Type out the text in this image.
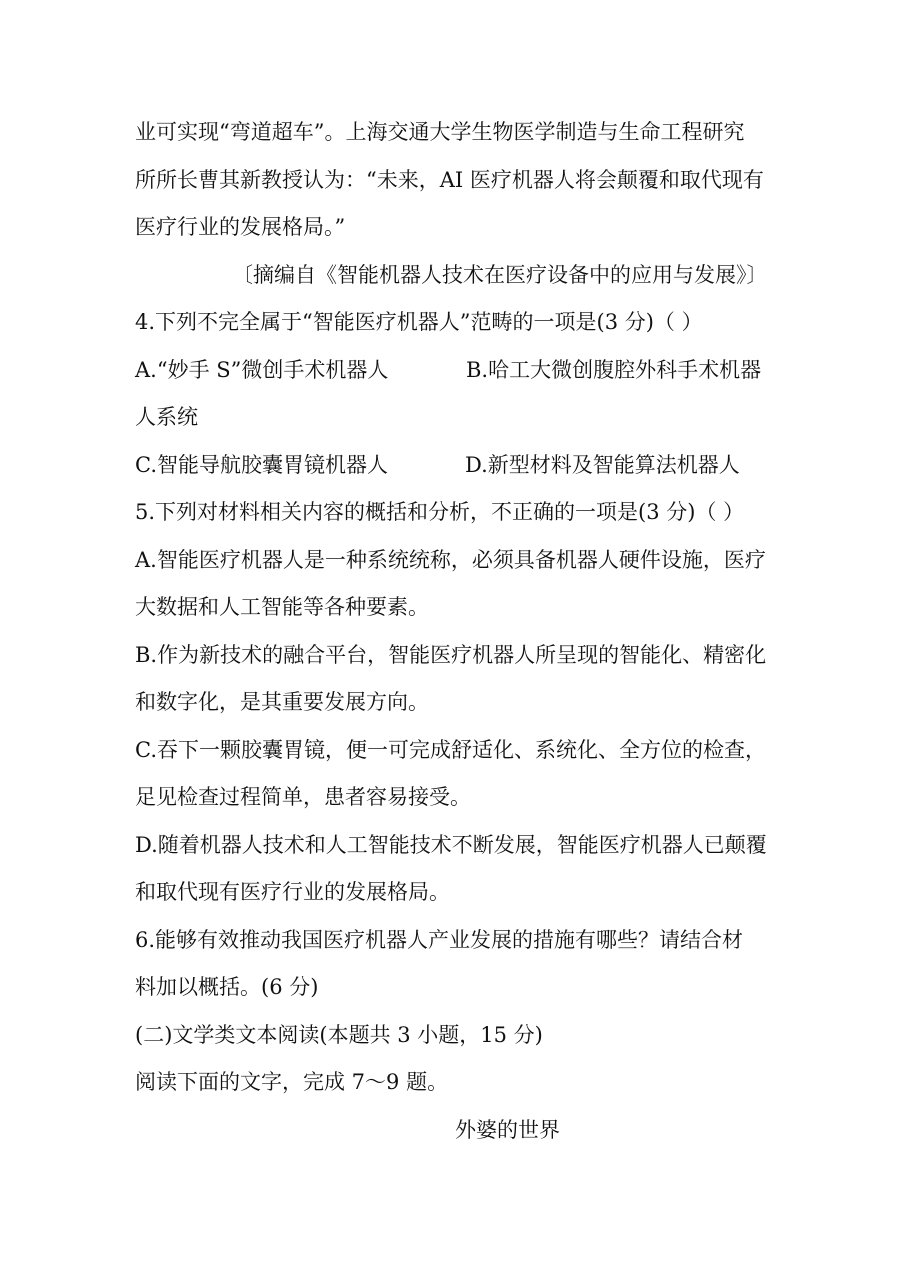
业可实现“弯道超车”。上海交通大学生物医学制造与生命工程研究
所所长曹其新教授认为：“未来，AI 医疗机器人将会颠覆和取代现有
医疗行业的发展格局。”
〔摘编自《智能机器人技术在医疗设备中的应用与发展》〕
4.下列不完全属于“智能医疗机器人”范畴的一项是(3 分)（ ）
A.“妙手 S”微创手术机器人	B.哈工大微创腹腔外科手术机器
人系统
C.智能导航胶囊胃镜机器人	D.新型材料及智能算法机器人
5.下列对材料相关内容的概括和分析，不正确的一项是(3 分)（ ）
A.智能医疗机器人是一种系统统称，必须具备机器人硬件设施，医疗
大数据和人工智能等各种要素。
B.作为新技术的融合平台，智能医疗机器人所呈现的智能化、精密化
和数字化，是其重要发展方向。
C.吞下一颗胶囊胃镜，便一可完成舒适化、系统化、全方位的检查，
足见检查过程简单，患者容易接受。
D.随着机器人技术和人工智能技术不断发展，智能医疗机器人已颠覆
和取代现有医疗行业的发展格局。
6.能够有效推动我国医疗机器人产业发展的措施有哪些？请结合材
料加以概括。(6 分)
(二)文学类文本阅读(本题共 3 小题，15 分)
阅读下面的文字，完成 7～9 题。
外婆的世界
